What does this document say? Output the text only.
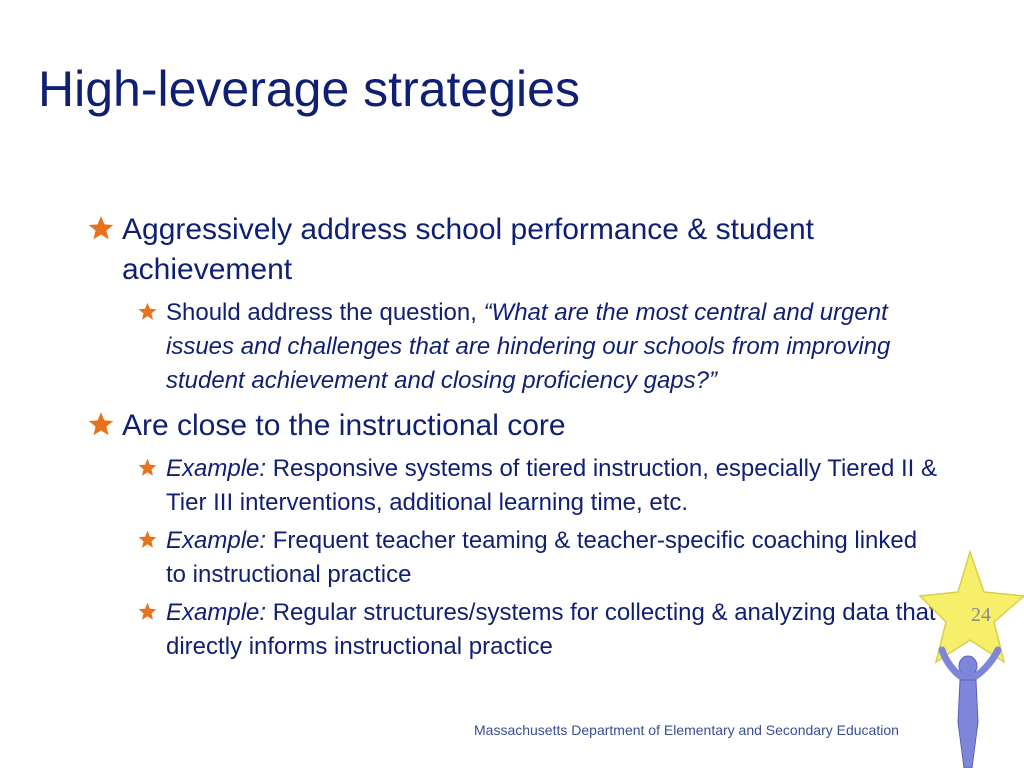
High-leverage strategies
Aggressively address school performance & student achievement
Should address the question, “What are the most central and urgent issues and challenges that are hindering our schools from improving student achievement and closing proficiency gaps?”
Are close to the instructional core
Example: Responsive systems of tiered instruction, especially Tiered II & Tier III interventions, additional learning time, etc.
Example: Frequent teacher teaming & teacher-specific coaching linked to instructional practice
Example: Regular structures/systems for collecting & analyzing data that directly informs instructional practice
Massachusetts Department of Elementary and Secondary Education
24
